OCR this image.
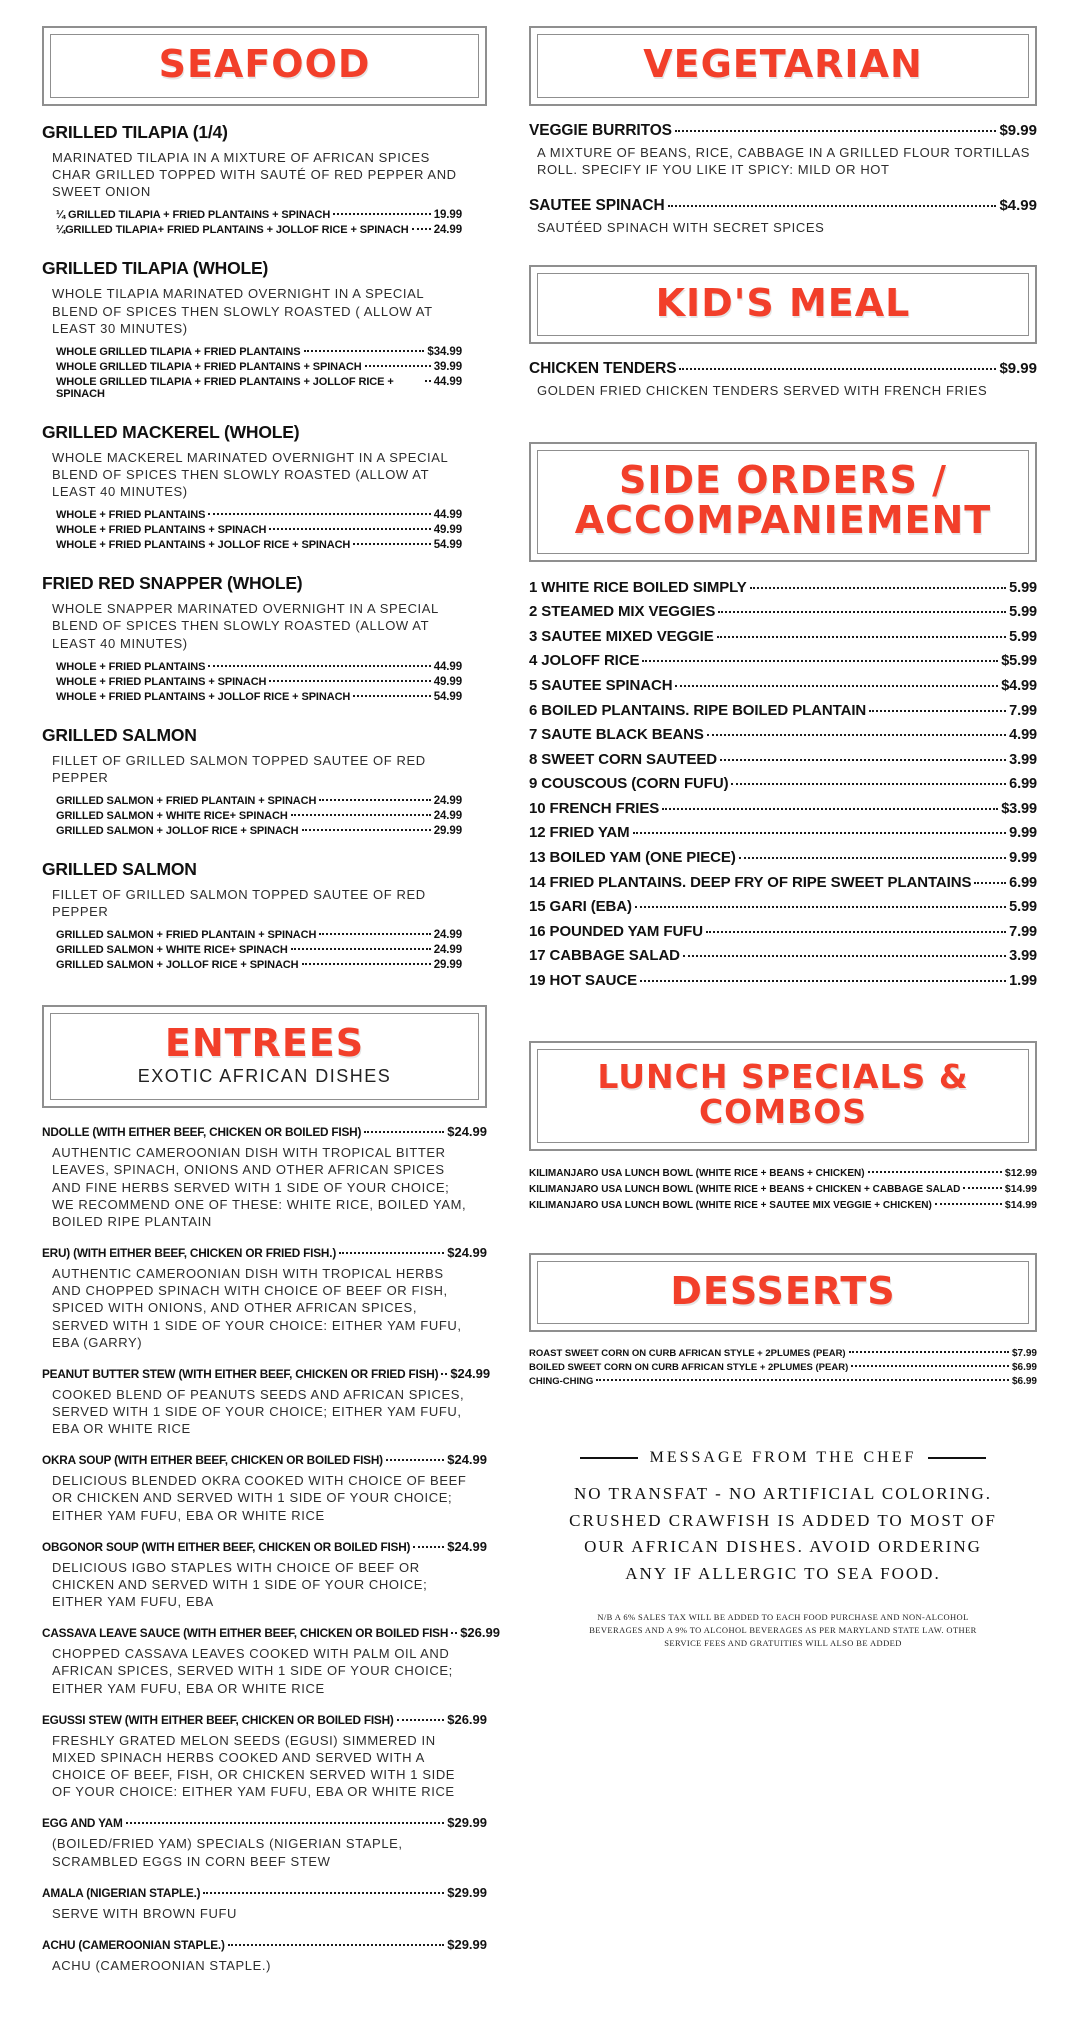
SEAFOOD
GRILLED TILAPIA (1/4)
MARINATED TILAPIA IN A MIXTURE OF AFRICAN SPICES CHAR GRILLED TOPPED WITH SAUTÉ OF RED PEPPER AND SWEET ONION
¼ GRILLED TILAPIA + FRIED PLANTAINS + SPINACH	19.99
¼GRILLED TILAPIA+ FRIED PLANTAINS + JOLLOF RICE + SPINACH 24.99
GRILLED TILAPIA (WHOLE)
WHOLE TILAPIA MARINATED OVERNIGHT IN A SPECIAL BLEND OF SPICES THEN SLOWLY ROASTED ( ALLOW AT LEAST 30 MINUTES)
WHOLE GRILLED TILAPIA + FRIED PLANTAINS	$34.99
WHOLE GRILLED TILAPIA + FRIED PLANTAINS + SPINACH	39.99
WHOLE GRILLED TILAPIA + FRIED PLANTAINS + JOLLOF RICE + SPINACH
44.99
GRILLED MACKEREL (WHOLE)
WHOLE MACKEREL MARINATED OVERNIGHT IN A SPECIAL BLEND OF SPICES THEN SLOWLY ROASTED (ALLOW AT LEAST 40 MINUTES)
WHOLE + FRIED PLANTAINS	44.99
WHOLE + FRIED PLANTAINS + SPINACH	49.99
WHOLE + FRIED PLANTAINS + JOLLOF RICE + SPINACH	54.99
FRIED RED SNAPPER (WHOLE)
WHOLE SNAPPER MARINATED OVERNIGHT IN A SPECIAL BLEND OF SPICES THEN SLOWLY ROASTED (ALLOW AT LEAST 40 MINUTES)
WHOLE + FRIED PLANTAINS	44.99
WHOLE + FRIED PLANTAINS + SPINACH	49.99
WHOLE + FRIED PLANTAINS + JOLLOF RICE + SPINACH	54.99
GRILLED SALMON
FILLET OF GRILLED SALMON TOPPED SAUTEE OF RED PEPPER
GRILLED SALMON + FRIED PLANTAIN + SPINACH	24.99
GRILLED SALMON + WHITE RICE+ SPINACH	24.99
GRILLED SALMON + JOLLOF RICE + SPINACH	29.99
GRILLED SALMON
FILLET OF GRILLED SALMON TOPPED SAUTEE OF RED PEPPER
GRILLED SALMON + FRIED PLANTAIN + SPINACH	24.99
GRILLED SALMON + WHITE RICE+ SPINACH	24.99
GRILLED SALMON + JOLLOF RICE + SPINACH	29.99
ENTREES
EXOTIC AFRICAN DISHES
NDOLLE (WITH EITHER BEEF, CHICKEN OR BOILED FISH)	$24.99
AUTHENTIC CAMEROONIAN DISH WITH TROPICAL BITTER LEAVES, SPINACH, ONIONS AND OTHER AFRICAN SPICES AND FINE HERBS SERVED WITH 1 SIDE OF YOUR CHOICE; WE RECOMMEND ONE OF THESE: WHITE RICE, BOILED YAM, BOILED RIPE PLANTAIN
ERU) (WITH EITHER BEEF, CHICKEN OR FRIED FISH.)	$24.99
AUTHENTIC CAMEROONIAN DISH WITH TROPICAL HERBS AND CHOPPED SPINACH WITH CHOICE OF BEEF OR FISH, SPICED WITH ONIONS, AND OTHER AFRICAN SPICES, SERVED WITH 1 SIDE OF YOUR CHOICE: EITHER YAM FUFU, EBA (GARRY)
PEANUT BUTTER STEW (WITH EITHER BEEF, CHICKEN OR FRIED FISH) $24.99
COOKED BLEND OF PEANUTS SEEDS AND AFRICAN SPICES, SERVED WITH 1 SIDE OF YOUR CHOICE; EITHER YAM FUFU, EBA OR WHITE RICE
OKRA SOUP (WITH EITHER BEEF, CHICKEN OR BOILED FISH)	$24.99
DELICIOUS BLENDED OKRA COOKED WITH CHOICE OF BEEF OR CHICKEN AND SERVED WITH 1 SIDE OF YOUR CHOICE; EITHER YAM FUFU, EBA OR WHITE RICE
OBGONOR SOUP (WITH EITHER BEEF, CHICKEN OR BOILED FISH)	$24.99
DELICIOUS IGBO STAPLES WITH CHOICE OF BEEF OR CHICKEN AND SERVED WITH 1 SIDE OF YOUR CHOICE; EITHER YAM FUFU, EBA
CASSAVA LEAVE SAUCE (WITH EITHER BEEF, CHICKEN OR BOILED FISH $26.99
CHOPPED CASSAVA LEAVES COOKED WITH PALM OIL AND AFRICAN SPICES, SERVED WITH 1 SIDE OF YOUR CHOICE; EITHER YAM FUFU, EBA OR WHITE RICE
EGUSSI STEW (WITH EITHER BEEF, CHICKEN OR BOILED FISH)	$26.99
FRESHLY GRATED MELON SEEDS (EGUSI) SIMMERED IN MIXED SPINACH HERBS COOKED AND SERVED WITH A CHOICE OF BEEF, FISH, OR CHICKEN SERVED WITH 1 SIDE OF YOUR CHOICE: EITHER YAM FUFU, EBA OR WHITE RICE
EGG AND YAM	$29.99
(BOILED/FRIED YAM) SPECIALS (NIGERIAN STAPLE, SCRAMBLED EGGS IN CORN BEEF STEW
AMALA (NIGERIAN STAPLE.)	$29.99
SERVE WITH BROWN FUFU
ACHU (CAMEROONIAN STAPLE.)	$29.99
ACHU (CAMEROONIAN STAPLE.)
VEGETARIAN
VEGGIE BURRITOS	$9.99
A MIXTURE OF BEANS, RICE, CABBAGE IN A GRILLED FLOUR TORTILLAS ROLL. SPECIFY IF YOU LIKE IT SPICY: MILD OR HOT
SAUTEE SPINACH	$4.99
SAUTÉED SPINACH WITH SECRET SPICES
KID'S MEAL
CHICKEN TENDERS	$9.99
GOLDEN FRIED CHICKEN TENDERS SERVED WITH FRENCH FRIES
SIDE ORDERS / ACCOMPANIEMENT
1 WHITE RICE BOILED SIMPLY	5.99
2 STEAMED MIX VEGGIES	5.99
3 SAUTEE MIXED VEGGIE	5.99
4 JOLOFF RICE	$5.99
5 SAUTEE SPINACH	$4.99
6 BOILED PLANTAINS. RIPE BOILED PLANTAIN	7.99
7 SAUTE BLACK BEANS	4.99
8 SWEET CORN SAUTEED	3.99
9 COUSCOUS (CORN FUFU)	6.99
10 FRENCH FRIES	$3.99
12 FRIED YAM	9.99
13 BOILED YAM (ONE PIECE)	9.99
14 FRIED PLANTAINS. DEEP FRY OF RIPE SWEET PLANTAINS	6.99
15 GARI (EBA)	5.99
16 POUNDED YAM FUFU	7.99
17 CABBAGE SALAD	3.99
19 HOT SAUCE	1.99
LUNCH SPECIALS & COMBOS
KILIMANJARO USA LUNCH BOWL (WHITE RICE + BEANS + CHICKEN)	$12.99
KILIMANJARO USA LUNCH BOWL (WHITE RICE + BEANS + CHICKEN + CABBAGE SALAD	$14.99
KILIMANJARO USA LUNCH BOWL (WHITE RICE + SAUTEE MIX VEGGIE + CHICKEN)	$14.99
DESSERTS
ROAST SWEET CORN ON CURB AFRICAN STYLE + 2PLUMES (PEAR)	$7.99
BOILED SWEET CORN ON CURB AFRICAN STYLE + 2PLUMES (PEAR)	$6.99
CHING-CHING	$6.99
MESSAGE FROM THE CHEF
NO TRANSFAT - NO ARTIFICIAL COLORING. CRUSHED CRAWFISH IS ADDED TO MOST OF OUR AFRICAN DISHES. AVOID ORDERING ANY IF ALLERGIC TO SEA FOOD.
N/B A 6% SALES TAX WILL BE ADDED TO EACH FOOD PURCHASE AND NON-ALCOHOL BEVERAGES AND A 9% TO ALCOHOL BEVERAGES AS PER MARYLAND STATE LAW. OTHER SERVICE FEES AND GRATUITIES WILL ALSO BE ADDED
